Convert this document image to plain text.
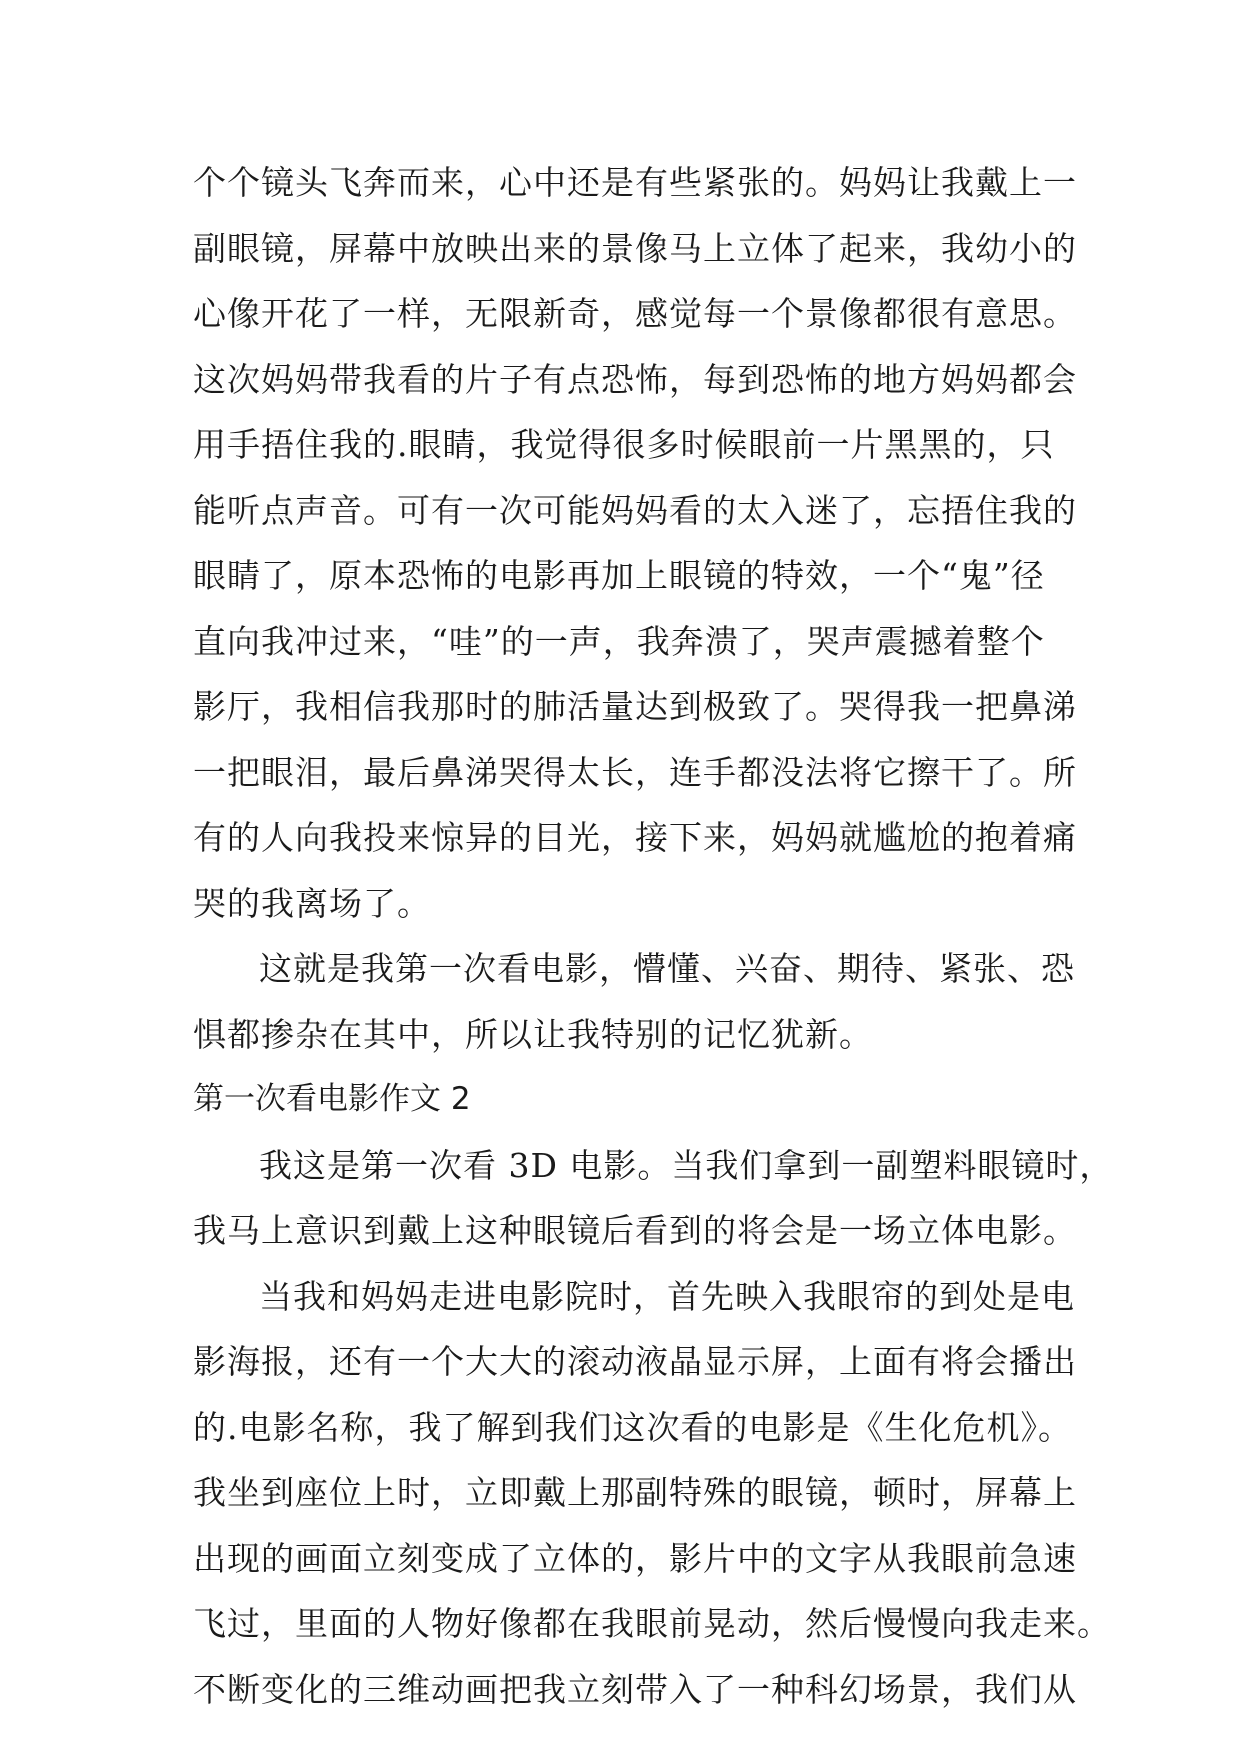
个个镜头飞奔而来，心中还是有些紧张的。妈妈让我戴上一
副眼镜，屏幕中放映出来的景像马上立体了起来，我幼小的
心像开花了一样，无限新奇，感觉每一个景像都很有意思。
这次妈妈带我看的片子有点恐怖，每到恐怖的地方妈妈都会
用手捂住我的.眼睛，我觉得很多时候眼前一片黑黑的，只
能听点声音。可有一次可能妈妈看的太入迷了，忘捂住我的
眼睛了，原本恐怖的电影再加上眼镜的特效，一个“鬼”径
直向我冲过来，“哇”的一声，我奔溃了，哭声震撼着整个
影厅，我相信我那时的肺活量达到极致了。哭得我一把鼻涕
一把眼泪，最后鼻涕哭得太长，连手都没法将它擦干了。所
有的人向我投来惊异的目光，接下来，妈妈就尴尬的抱着痛
哭的我离场了。
这就是我第一次看电影，懵懂、兴奋、期待、紧张、恐
惧都掺杂在其中，所以让我特别的记忆犹新。
第一次看电影作文 2
我这是第一次看 3D 电影。当我们拿到一副塑料眼镜时，
我马上意识到戴上这种眼镜后看到的将会是一场立体电影。
当我和妈妈走进电影院时，首先映入我眼帘的到处是电
影海报，还有一个大大的滚动液晶显示屏，上面有将会播出
的.电影名称，我了解到我们这次看的电影是《生化危机》。
我坐到座位上时，立即戴上那副特殊的眼镜，顿时，屏幕上
出现的画面立刻变成了立体的，影片中的文字从我眼前急速
飞过，里面的人物好像都在我眼前晃动，然后慢慢向我走来。
不断变化的三维动画把我立刻带入了一种科幻场景，我们从
